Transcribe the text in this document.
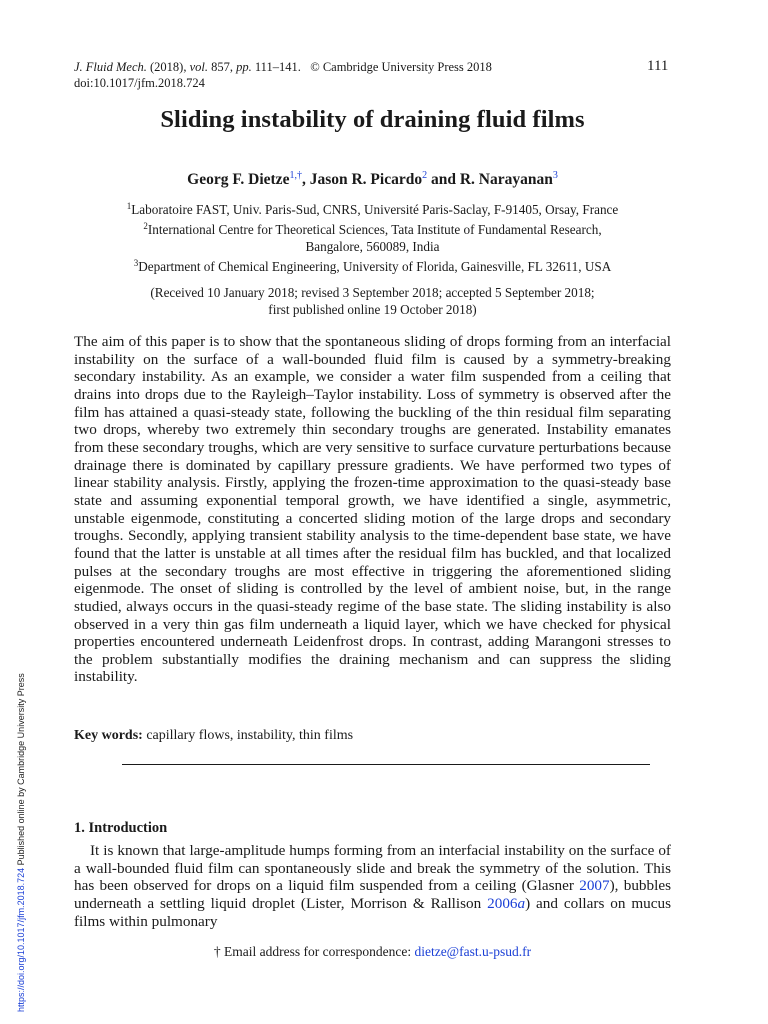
J. Fluid Mech. (2018), vol. 857, pp. 111–141. © Cambridge University Press 2018
doi:10.1017/jfm.2018.724
111
Sliding instability of draining fluid films
Georg F. Dietze$^{1,\dagger}$, Jason R. Picardo$^2$ and R. Narayanan$^3$
$^1$Laboratoire FAST, Univ. Paris-Sud, CNRS, Université Paris-Saclay, F-91405, Orsay, France
$^2$International Centre for Theoretical Sciences, Tata Institute of Fundamental Research,
Bangalore, 560089, India
$^3$Department of Chemical Engineering, University of Florida, Gainesville, FL 32611, USA
(Received 10 January 2018; revised 3 September 2018; accepted 5 September 2018;
first published online 19 October 2018)
The aim of this paper is to show that the spontaneous sliding of drops forming from an interfacial instability on the surface of a wall-bounded fluid film is caused by a symmetry-breaking secondary instability. As an example, we consider a water film suspended from a ceiling that drains into drops due to the Rayleigh–Taylor instability. Loss of symmetry is observed after the film has attained a quasi-steady state, following the buckling of the thin residual film separating two drops, whereby two extremely thin secondary troughs are generated. Instability emanates from these secondary troughs, which are very sensitive to surface curvature perturbations because drainage there is dominated by capillary pressure gradients. We have performed two types of linear stability analysis. Firstly, applying the frozen-time approximation to the quasi-steady base state and assuming exponential temporal growth, we have identified a single, asymmetric, unstable eigenmode, constituting a concerted sliding motion of the large drops and secondary troughs. Secondly, applying transient stability analysis to the time-dependent base state, we have found that the latter is unstable at all times after the residual film has buckled, and that localized pulses at the secondary troughs are most effective in triggering the aforementioned sliding eigenmode. The onset of sliding is controlled by the level of ambient noise, but, in the range studied, always occurs in the quasi-steady regime of the base state. The sliding instability is also observed in a very thin gas film underneath a liquid layer, which we have checked for physical properties encountered underneath Leidenfrost drops. In contrast, adding Marangoni stresses to the problem substantially modifies the draining mechanism and can suppress the sliding instability.
Key words: capillary flows, instability, thin films
1. Introduction
It is known that large-amplitude humps forming from an interfacial instability on the surface of a wall-bounded fluid film can spontaneously slide and break the symmetry of the solution. This has been observed for drops on a liquid film suspended from a ceiling (Glasner 2007), bubbles underneath a settling liquid droplet (Lister, Morrison & Rallison 2006a) and collars on mucus films within pulmonary
† Email address for correspondence: dietze@fast.u-psud.fr
https://doi.org/10.1017/jfm.2018.724 Published online by Cambridge University Press
